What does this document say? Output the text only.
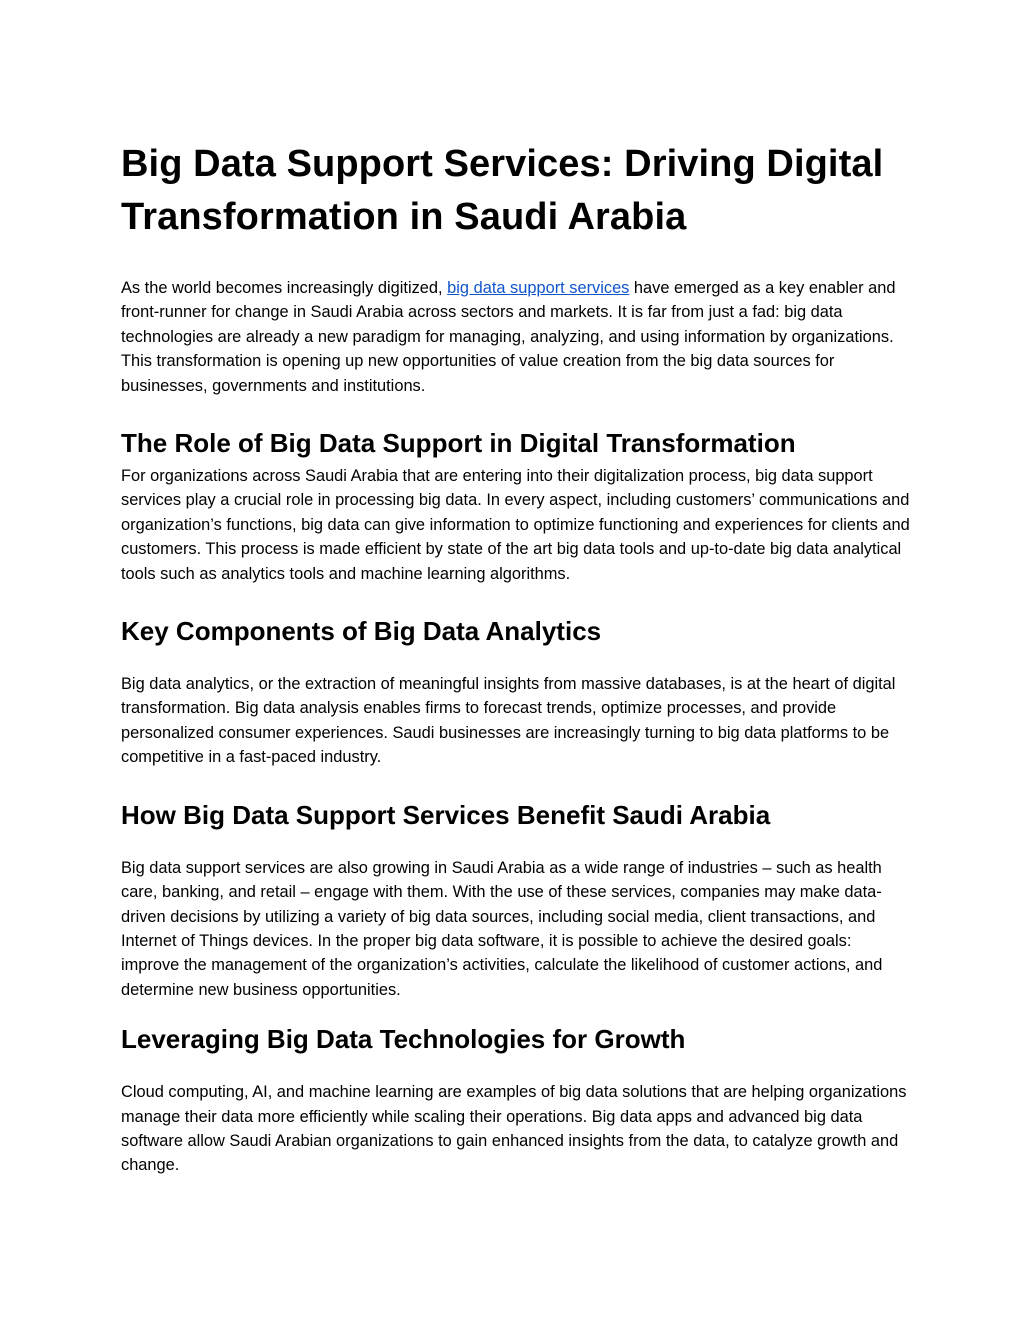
Big Data Support Services: Driving Digital Transformation in Saudi Arabia

As the world becomes increasingly digitized, big data support services have emerged as a key enabler and front-runner for change in Saudi Arabia across sectors and markets. It is far from just a fad: big data technologies are already a new paradigm for managing, analyzing, and using information by organizations. This transformation is opening up new opportunities of value creation from the big data sources for businesses, governments and institutions.

The Role of Big Data Support in Digital Transformation

For organizations across Saudi Arabia that are entering into their digitalization process, big data support services play a crucial role in processing big data. In every aspect, including customers’ communications and organization’s functions, big data can give information to optimize functioning and experiences for clients and customers. This process is made efficient by state of the art big data tools and up-to-date big data analytical tools such as analytics tools and machine learning algorithms.

Key Components of Big Data Analytics

Big data analytics, or the extraction of meaningful insights from massive databases, is at the heart of digital transformation. Big data analysis enables firms to forecast trends, optimize processes, and provide personalized consumer experiences. Saudi businesses are increasingly turning to big data platforms to be competitive in a fast-paced industry.

How Big Data Support Services Benefit Saudi Arabia

Big data support services are also growing in Saudi Arabia as a wide range of industries – such as health care, banking, and retail – engage with them. With the use of these services, companies may make data-driven decisions by utilizing a variety of big data sources, including social media, client transactions, and Internet of Things devices. In the proper big data software, it is possible to achieve the desired goals: improve the management of the organization’s activities, calculate the likelihood of customer actions, and determine new business opportunities.

Leveraging Big Data Technologies for Growth

Cloud computing, AI, and machine learning are examples of big data solutions that are helping organizations manage their data more efficiently while scaling their operations. Big data apps and advanced big data software allow Saudi Arabian organizations to gain enhanced insights from the data, to catalyze growth and change.
